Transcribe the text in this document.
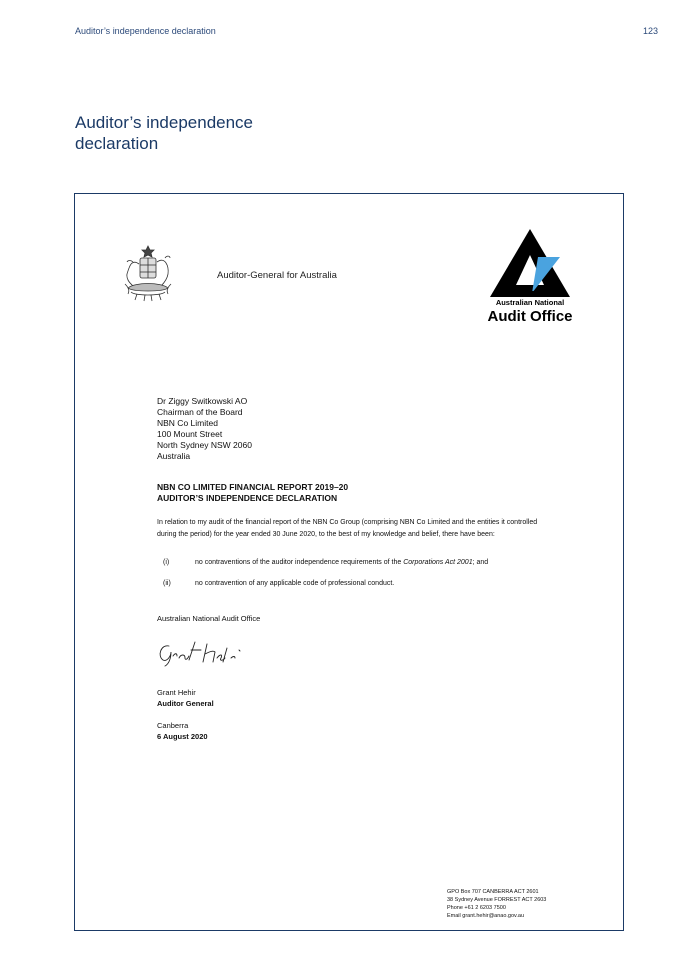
Auditor’s independence declaration	123
Auditor’s independence declaration
Auditor-General for Australia
Australian National
Audit Office
Dr Ziggy Switkowski AO
Chairman of the Board
NBN Co Limited
100 Mount Street
North Sydney NSW 2060
Australia
NBN CO LIMITED FINANCIAL REPORT 2019–20
AUDITOR’S INDEPENDENCE DECLARATION

In relation to my audit of the financial report of the NBN Co Group (comprising NBN Co Limited and the entities it controlled during the period) for the year ended 30 June 2020, to the best of my knowledge and belief, there have been:

(i)	no contraventions of the auditor independence requirements of the Corporations Act 2001; and
(ii)	no contravention of any applicable code of professional conduct.
Australian National Audit Office
Grant Hehir
Auditor General
Canberra
6 August 2020
GPO Box 707 CANBERRA ACT 2601
38 Sydney Avenue FORREST ACT 2603
Phone +61 2 6203 7500
Email grant.hehir@anao.gov.au
